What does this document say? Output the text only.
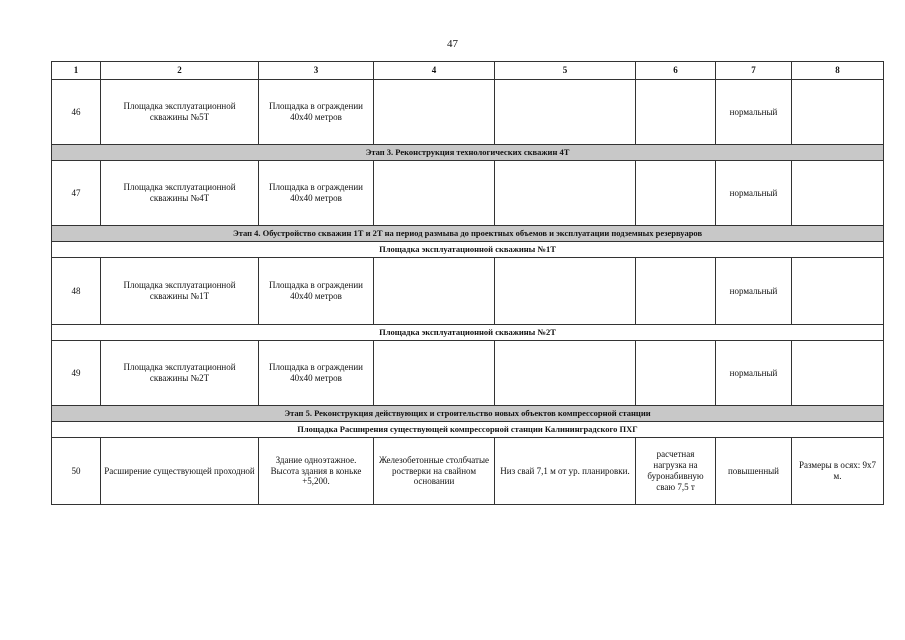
47
1	2	3	4	5	6	7	8
46	Площадка эксплуатационной скважины №5Т	Площадка в ограждении 40х40 метров				нормальный	
Этап 3. Реконструкция технологических скважин 4Т							
47	Площадка эксплуатационной скважины №4Т	Площадка в ограждении 40х40 метров				нормальный	
Этап 4. Обустройство скважин 1Т и 2Т на период размыва до проектных объемов и эксплуатации подземных резервуаров							
Площадка эксплуатационной скважины №1Т							
48	Площадка эксплуатационной скважины №1Т	Площадка в ограждении 40х40 метров				нормальный	
Площадка эксплуатационной скважины №2Т							
49	Площадка эксплуатационной скважины №2Т	Площадка в ограждении 40х40 метров				нормальный	
Этап 5. Реконструкция действующих и строительство новых объектов компрессорной станции							
Площадка Расширения существующей компрессорной станции Калининградского ПХГ							
50	Расширение существующей проходной	Здание одноэтажное. Высота здания в коньке +5,200.	Железобетонные столбчатые ростверки на свайном основании	Низ свай 7,1 м от ур. планировки.	расчетная нагрузка на буронабивную сваю 7,5 т	повышенный	Размеры в осях: 9х7 м.
